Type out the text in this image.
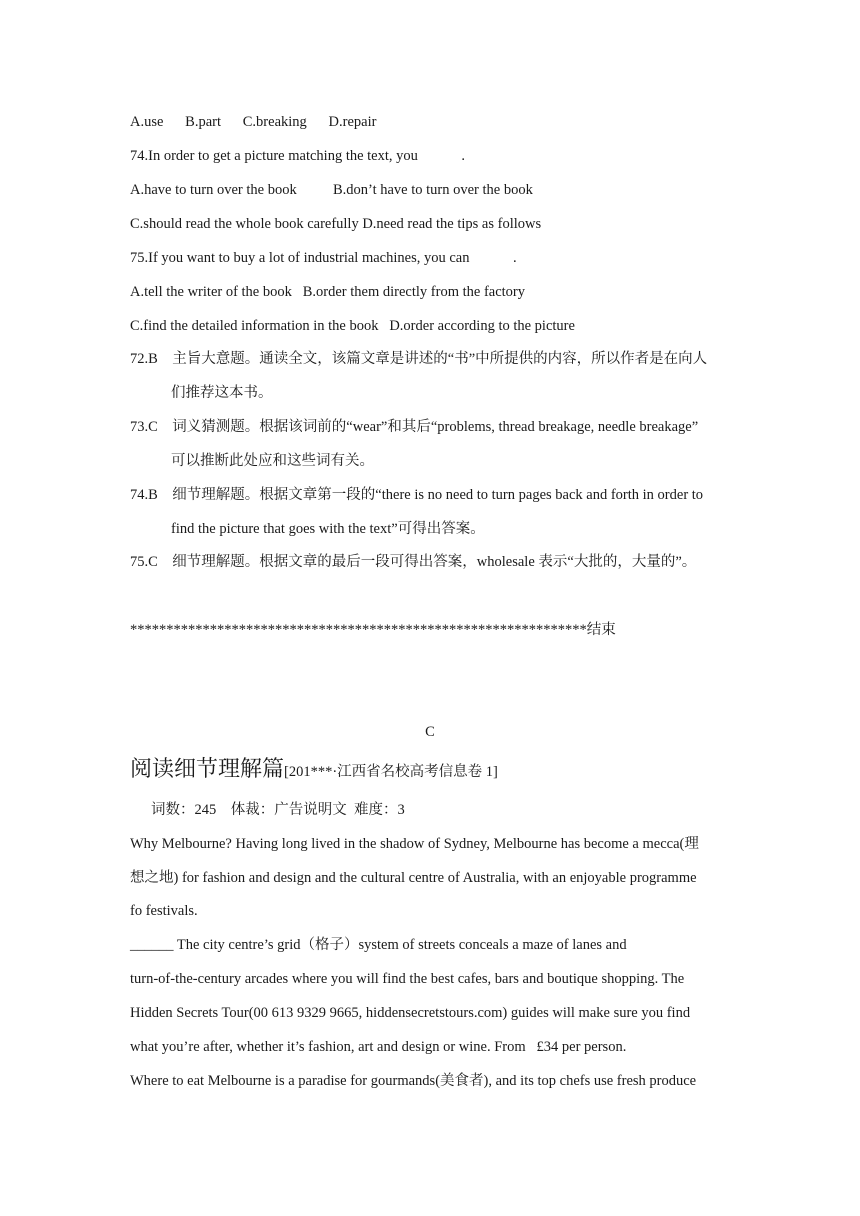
A.use      B.part      C.breaking      D.repair
74.In order to get a picture matching the text, you            .
A.have to turn over the book          B.don’t have to turn over the book
C.should read the whole book carefully D.need read the tips as follows
75.If you want to buy a lot of industrial machines, you can            .
A.tell the writer of the book   B.order them directly from the factory
C.find the detailed information in the book   D.order according to the picture
72.B    主旨大意题。通读全文，该篇文章是讲述的“书”中所提供的内容，所以作者是在向人
们推荐这本书。
73.C    词义猜测题。根据该词前的“wear”和其后“problems, thread breakage, needle breakage”
可以推断此处应和这些词有关。
74.B    细节理解题。根据文章第一段的“there is no need to turn pages back and forth in order to
find the picture that goes with the text”可得出答案。
75.C    细节理解题。根据文章的最后一段可得出答案，wholesale 表示“大批的，大量的”。
***************************************************************结束
C
阅读细节理解篇[201***·江西省名校高考信息卷 1]
词数：245    体裁：广告说明文  难度：3
Why Melbourne? Having long lived in the shadow of Sydney, Melbourne has become a mecca(理
想之地) for fashion and design and the cultural centre of Australia, with an enjoyable programme
fo festivals.
______ The city centre’s grid（格子）system of streets conceals a maze of lanes and
turn-of-the-century arcades where you will find the best cafes, bars and boutique shopping. The
Hidden Secrets Tour(00 613 9329 9665, hiddensecretstours.com) guides will make sure you find
what you’re after, whether it’s fashion, art and design or wine. From   £34 per person.
Where to eat Melbourne is a paradise for gourmands(美食者), and its top chefs use fresh produce
